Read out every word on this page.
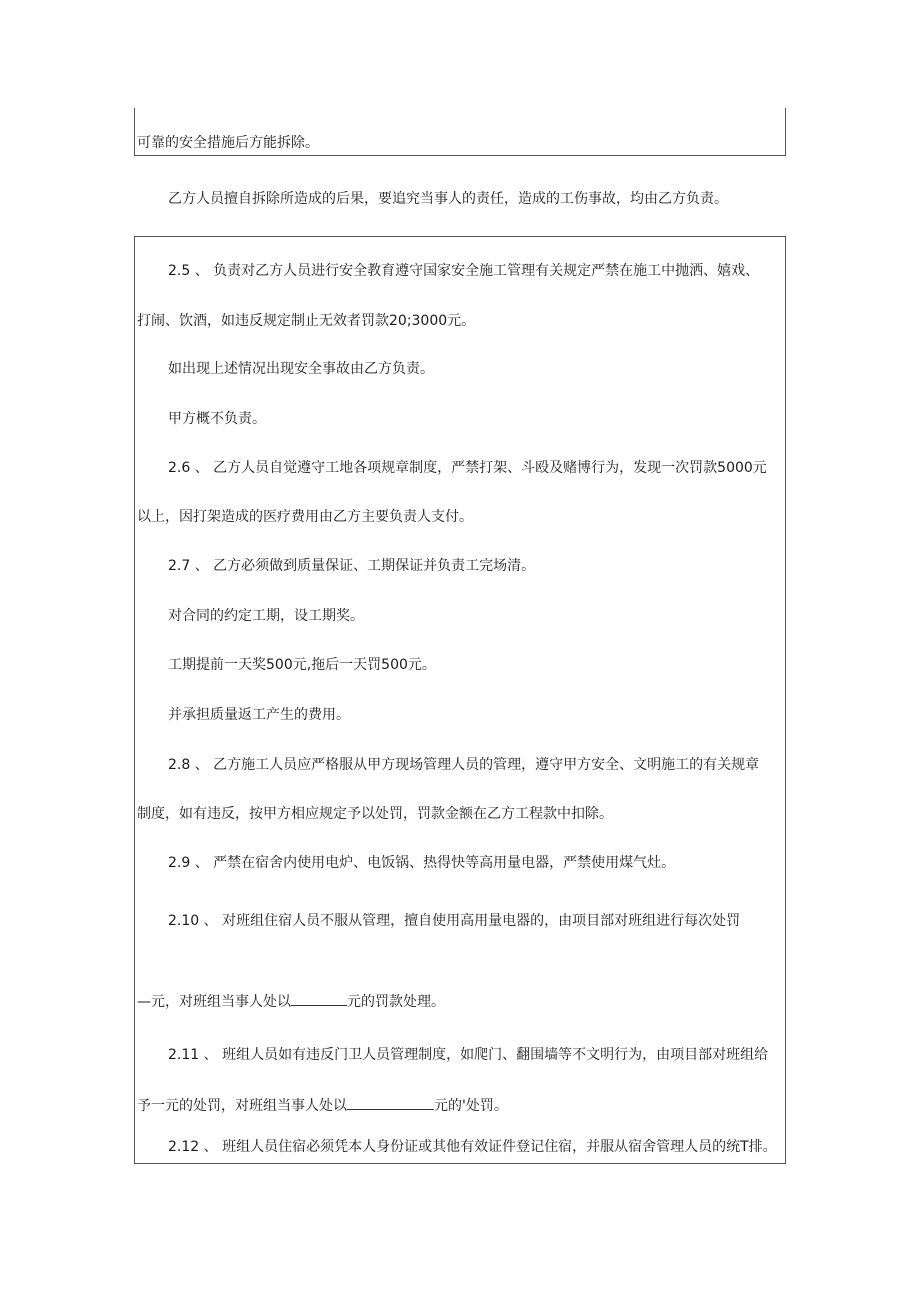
可靠的安全措施后方能拆除。

乙方人员擅自拆除所造成的后果，要追究当事人的责任，造成的工伤事故，均由乙方负责。

2.5 、 负责对乙方人员进行安全教育遵守国家安全施工管理有关规定严禁在施工中抛洒、嬉戏、

打闹、饮酒，如违反规定制止无效者罚款20;3000元。

如出现上述情况出现安全事故由乙方负责。

甲方概不负责。

2.6 、 乙方人员自觉遵守工地各项规章制度，严禁打架、斗殴及赌博行为，发现一次罚款5000元

以上，因打架造成的医疗费用由乙方主要负责人支付。

2.7 、 乙方必须做到质量保证、工期保证并负责工完场清。

对合同的约定工期，设工期奖。

工期提前一天奖500元,拖后一天罚500元。

并承担质量返工产生的费用。

2.8 、 乙方施工人员应严格服从甲方现场管理人员的管理，遵守甲方安全、文明施工的有关规章

制度，如有违反，按甲方相应规定予以处罚，罚款金额在乙方工程款中扣除。

2.9 、 严禁在宿舍内使用电炉、电饭锅、热得快等高用量电器，严禁使用煤气灶。

2.10 、 对班组住宿人员不服从管理，擅自使用高用量电器的，由项目部对班组进行每次处罚

—元，对班组当事人处以	元的罚款处理。

2.11 、 班组人员如有违反门卫人员管理制度，如爬门、翻围墙等不文明行为，由项目部对班组给

予一元的处罚，对班组当事人处以	元的'处罚。

2.12 、 班组人员住宿必须凭本人身份证或其他有效证件登记住宿，并服从宿舍管理人员的统T排。
